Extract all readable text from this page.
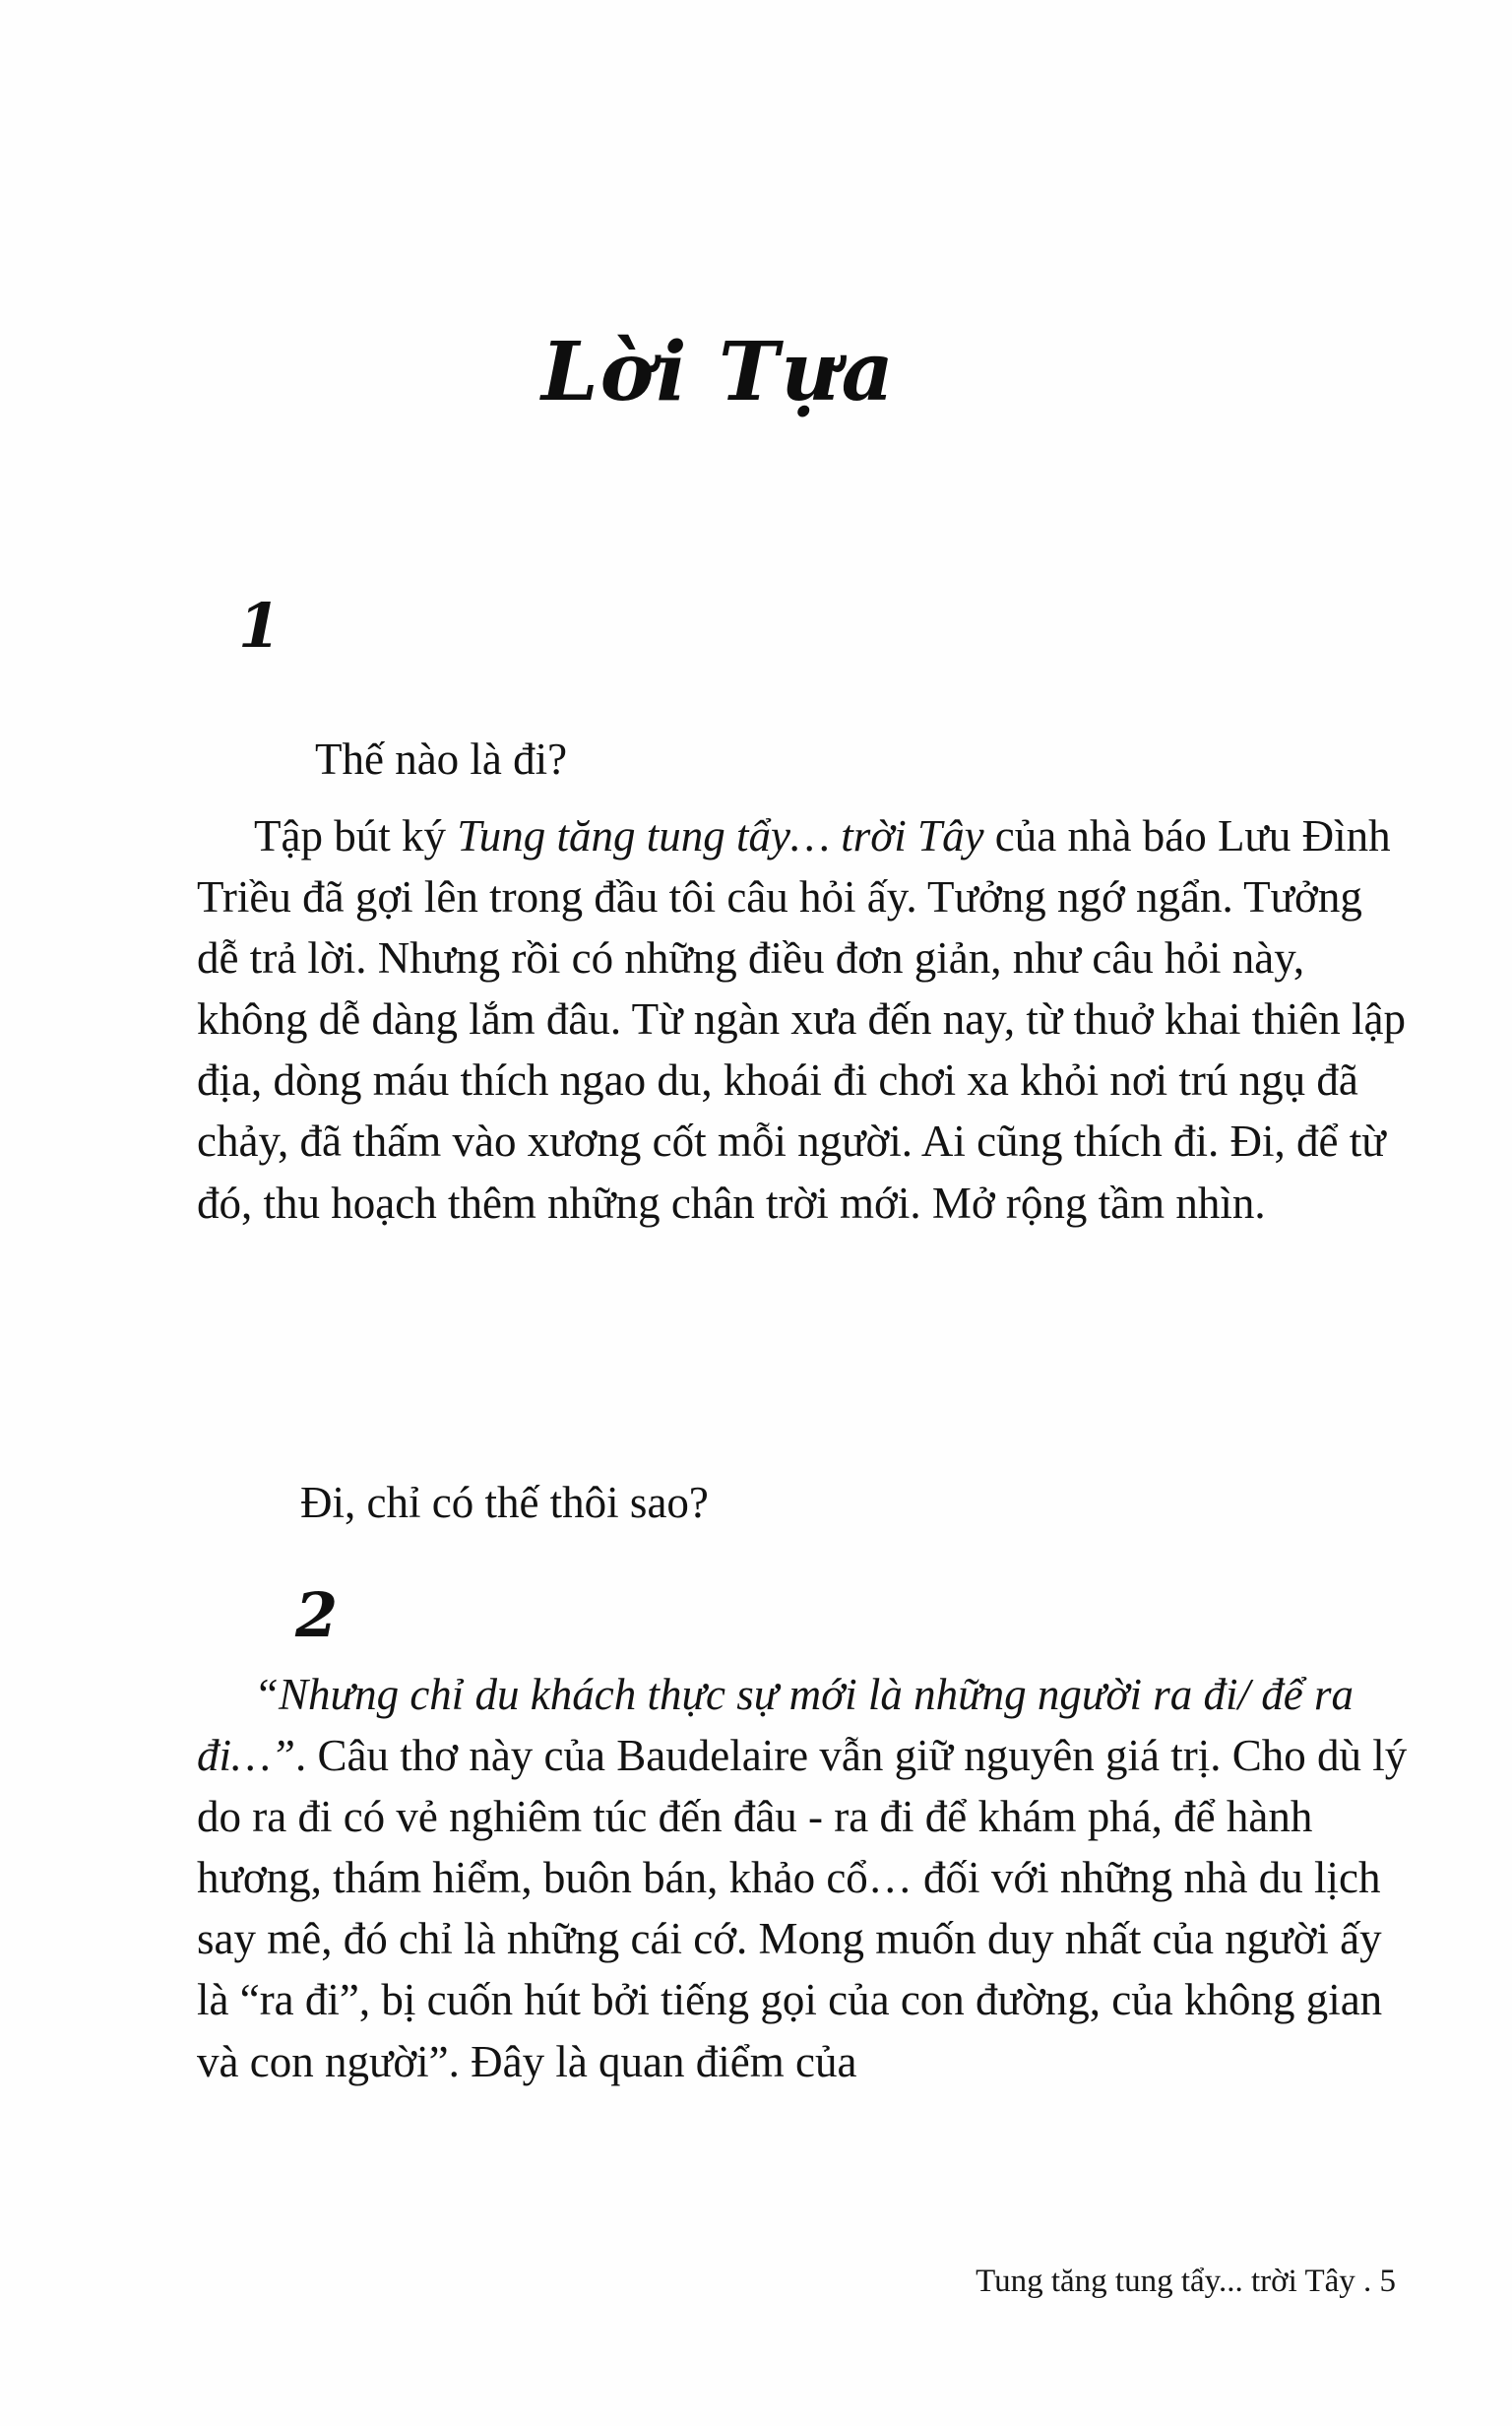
Lời Tựa
1
Thế nào là đi?
Tập bút ký Tung tăng tung tẩy… trời Tây của nhà báo Lưu Đình Triều đã gợi lên trong đầu tôi câu hỏi ấy. Tưởng ngớ ngẩn. Tưởng dễ trả lời. Nhưng rồi có những điều đơn giản, như câu hỏi này, không dễ dàng lắm đâu. Từ ngàn xưa đến nay, từ thuở khai thiên lập địa, dòng máu thích ngao du, khoái đi chơi xa khỏi nơi trú ngụ đã chảy, đã thấm vào xương cốt mỗi người. Ai cũng thích đi. Đi, để từ đó, thu hoạch thêm những chân trời mới. Mở rộng tầm nhìn.
Đi, chỉ có thế thôi sao?
2
“Nhưng chỉ du khách thực sự mới là những người ra đi/ để ra đi…”. Câu thơ này của Baudelaire vẫn giữ nguyên giá trị. Cho dù lý do ra đi có vẻ nghiêm túc đến đâu - ra đi để khám phá, để hành hương, thám hiểm, buôn bán, khảo cổ… đối với những nhà du lịch say mê, đó chỉ là những cái cớ. Mong muốn duy nhất của người ấy là “ra đi”, bị cuốn hút bởi tiếng gọi của con đường, của không gian và con người”. Đây là quan điểm của
Tung tăng tung tẩy... trời Tây . 5
